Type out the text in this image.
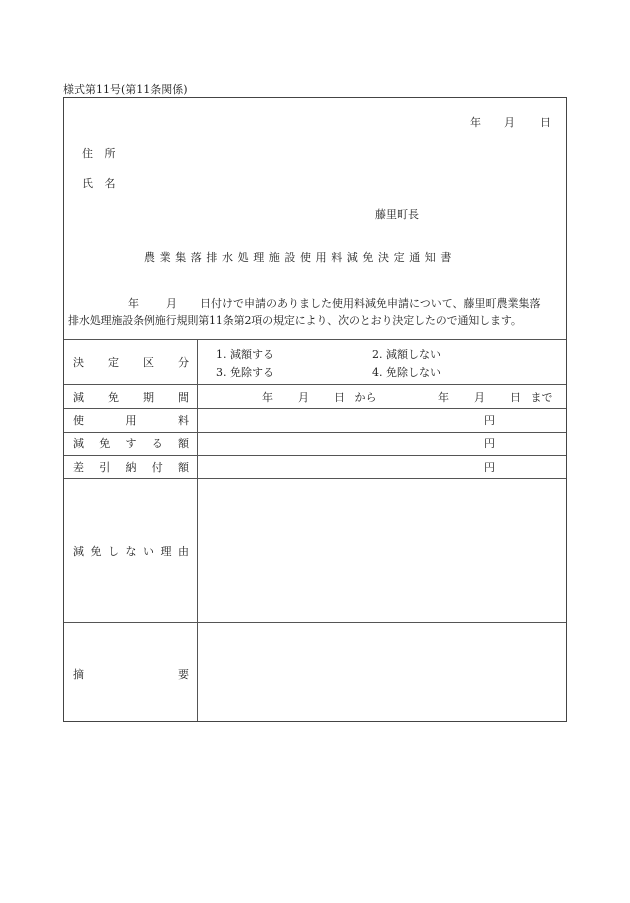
様式第11号(第11条関係)
年 月 日
住 所
氏 名
藤里町長
農業集落排水処理施設使用料減免決定通知書
年 月 日付けで申請のありました使用料減免申請について、藤里町農業集落
排水処理施設条例施行規則第11条第2項の規定により、次のとおり決定したので通知します。
決定区分
1. 減額する	2. 減額しない
3. 免除する	4. 免除しない
減免期間	年 月 日 から	年 月 日 まで
使用料	円
減免する額	円
差引納付額	円
減免しない理由
摘要
